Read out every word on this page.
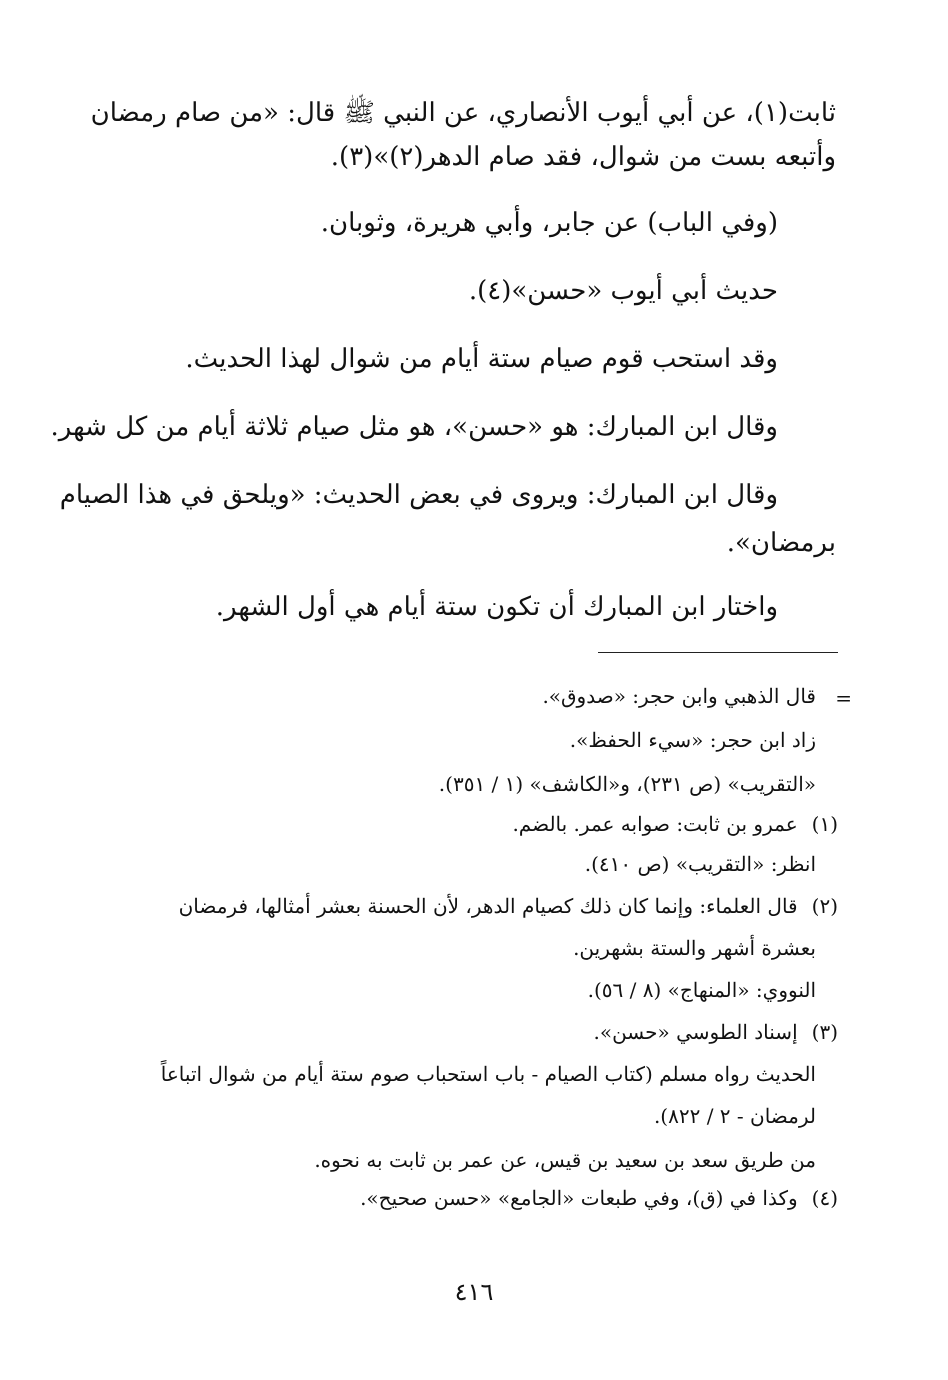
ثابت(١)، عن أبي أيوب الأنصاري، عن النبي ﷺ قال: «من صام رمضان
وأتبعه بست من شوال، فقد صام الدهر(٢)»(٣).
(وفي الباب) عن جابر، وأبي هريرة، وثوبان.
حديث أبي أيوب «حسن»(٤).
وقد استحب قوم صيام ستة أيام من شوال لهذا الحديث.
وقال ابن المبارك: هو «حسن»، هو مثل صيام ثلاثة أيام من كل شهر.
وقال ابن المبارك: ويروى في بعض الحديث: «ويلحق في هذا الصيام
برمضان».
واختار ابن المبارك أن تكون ستة أيام هي أول الشهر.
=
قال الذهبي وابن حجر: «صدوق».
زاد ابن حجر: «سيء الحفظ».
«التقريب» (ص ٢٣١)، و«الكاشف» (١ / ٣٥١).
(١)عمرو بن ثابت: صوابه عمر. بالضم.
انظر: «التقريب» (ص ٤١٠).
(٢)قال العلماء: وإنما كان ذلك كصيام الدهر، لأن الحسنة بعشر أمثالها، فرمضان
بعشرة أشهر والستة بشهرين.
النووي: «المنهاج» (٨ / ٥٦).
(٣)إسناد الطوسي «حسن».
الحديث رواه مسلم (كتاب الصيام - باب استحباب صوم ستة أيام من شوال اتباعاً
لرمضان - ٢ / ٨٢٢).
من طريق سعد بن سعيد بن قيس، عن عمر بن ثابت به نحوه.
(٤)وكذا في (ق)، وفي طبعات «الجامع» «حسن صحيح».
٤١٦
